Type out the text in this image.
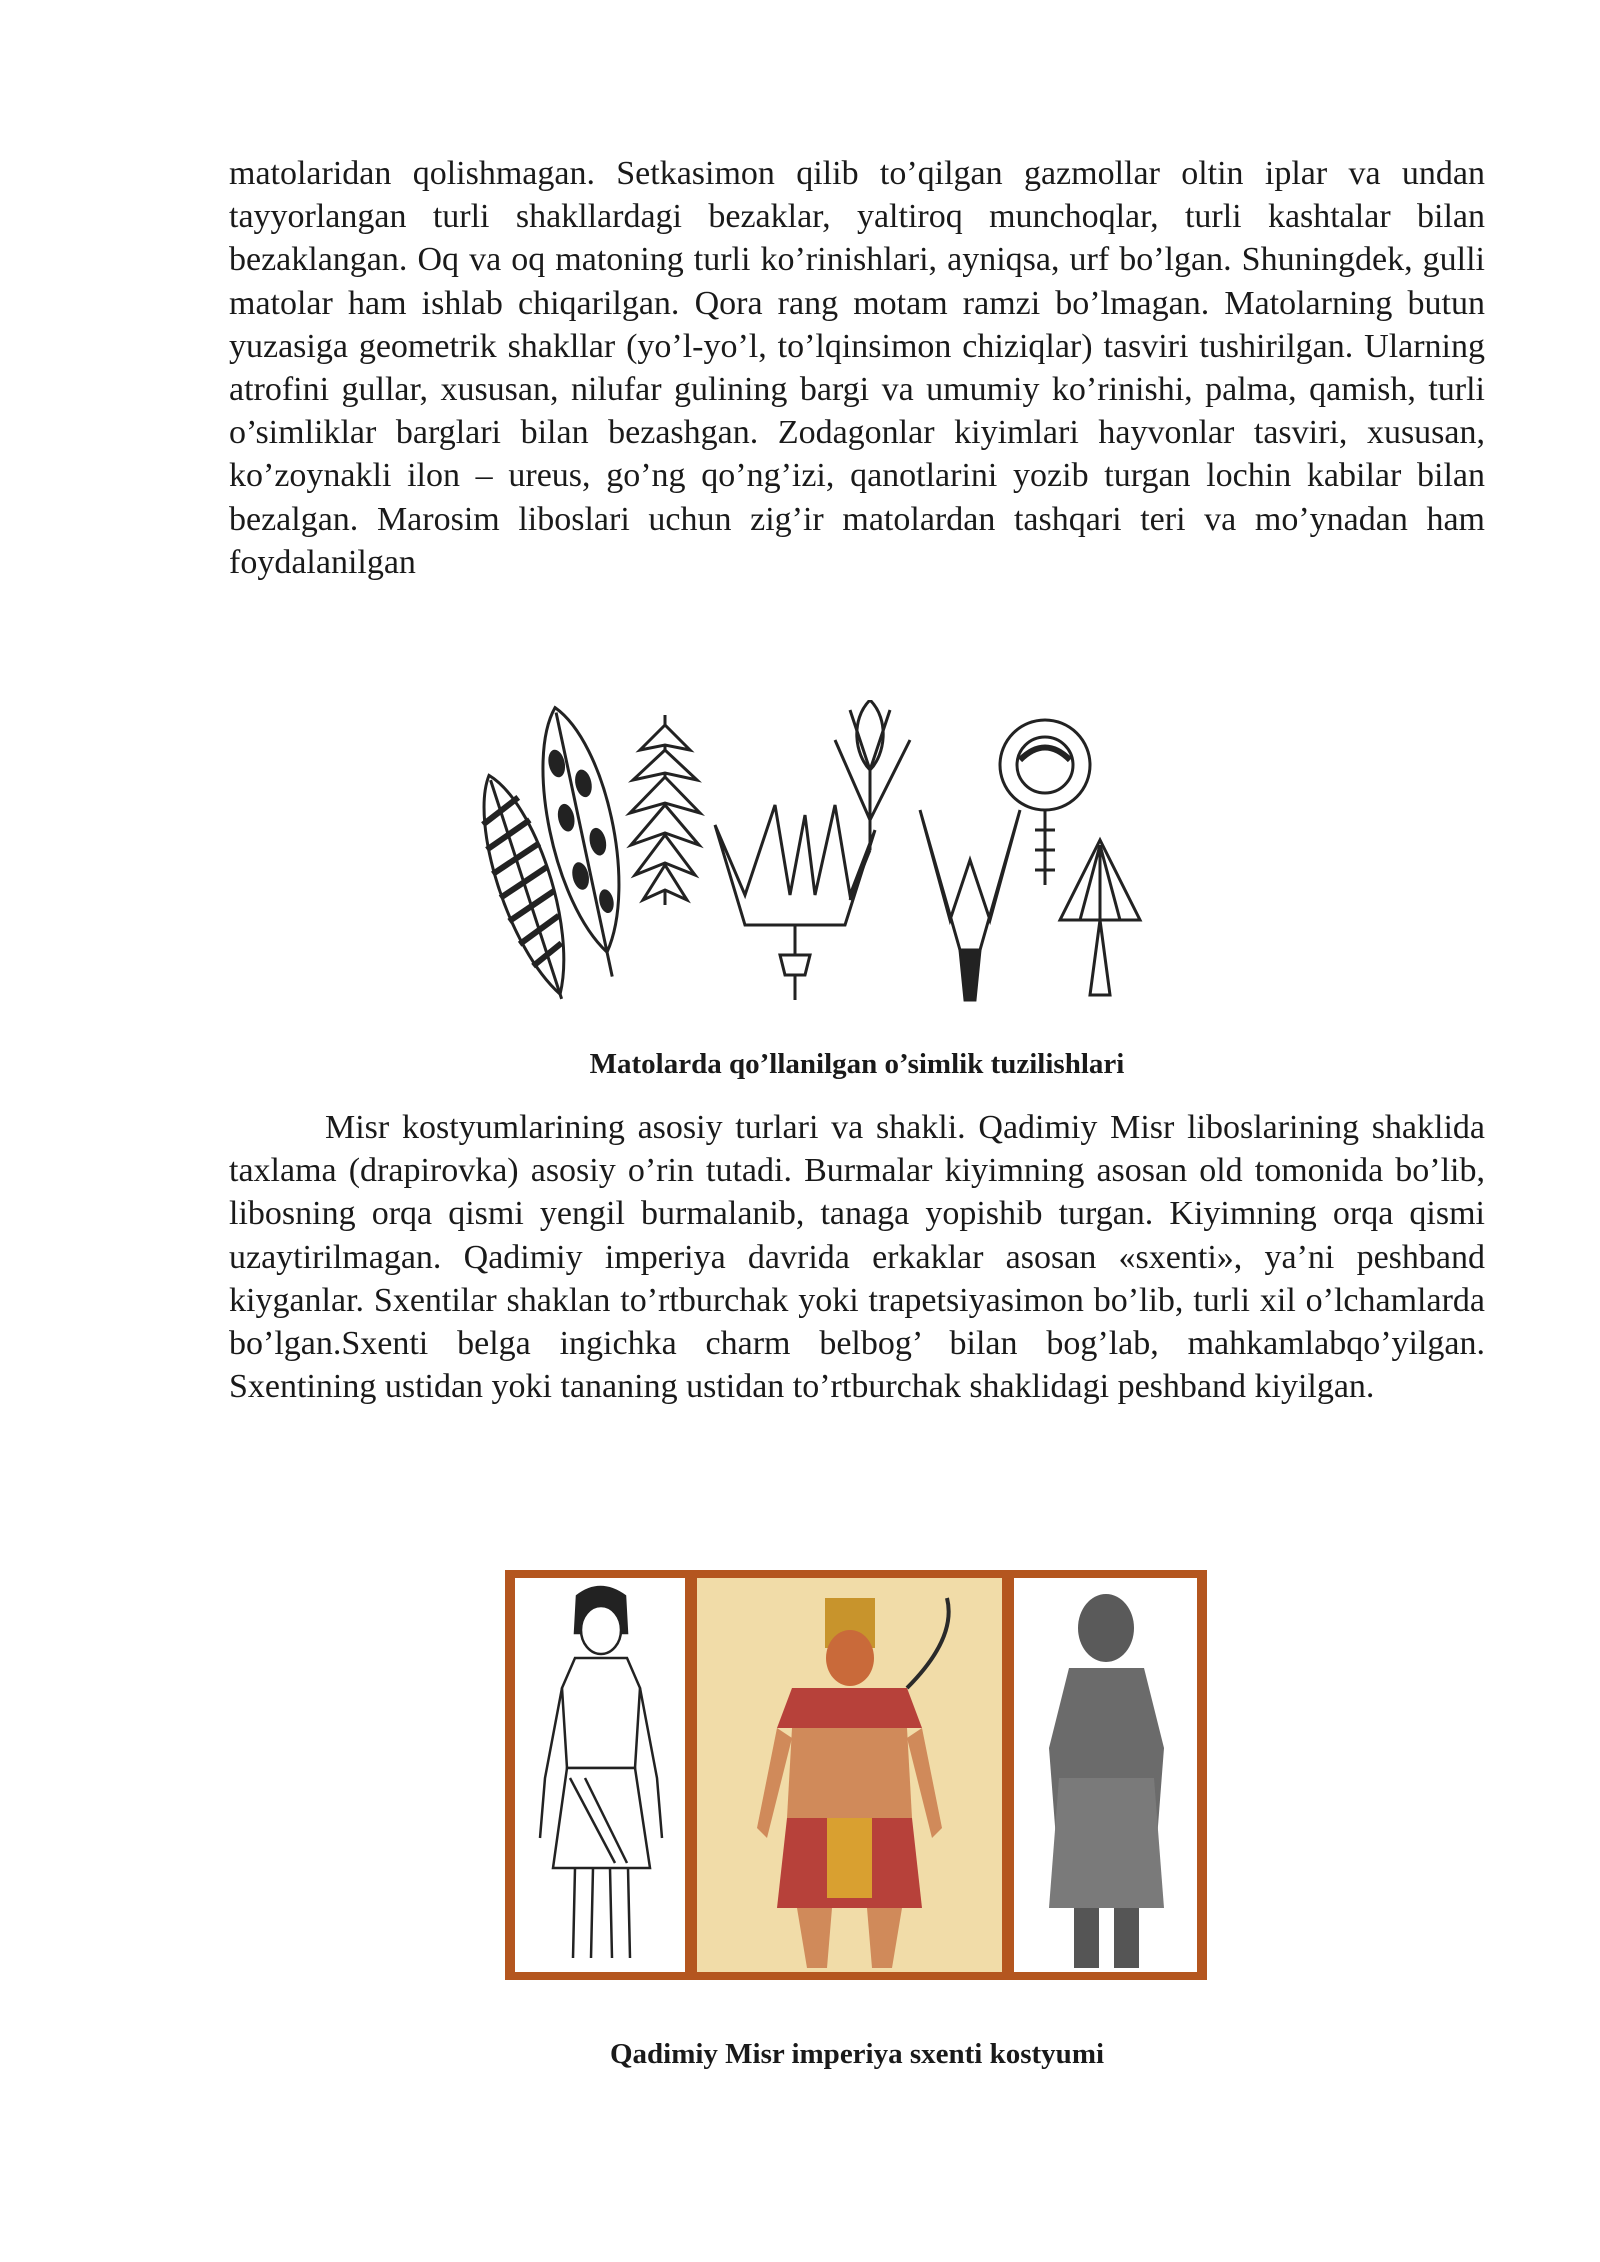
matolaridan qolishmagan. Setkasimon qilib to’qilgan gazmollar oltin iplar va undan tayyorlangan turli shakllardagi bezaklar, yaltiroq munchoqlar, turli kashtalar bilan bezaklangan. Oq va oq matoning turli ko’rinishlari, ayniqsa, urf bo’lgan. Shuningdek, gulli matolar ham ishlab chiqarilgan. Qora rang motam ramzi bo’lmagan. Matolarning butun yuzasiga geometrik shakllar (yo’l-yo’l, to’lqinsimon chiziqlar) tasviri tushirilgan. Ularning atrofini gullar, xususan, nilufar gulining bargi va umumiy ko’rinishi, palma, qamish, turli o’simliklar barglari bilan bezashgan. Zodagonlar kiyimlari hayvonlar tasviri, xususan, ko’zoynakli ilon – ureus, go’ng qo’ng’izi, qanotlarini yozib turgan lochin kabilar bilan bezalgan. Marosim liboslari uchun zig’ir matolardan tashqari teri va mo’ynadan ham foydalanilgan

Matolarda qo’llanilgan o’simlik tuzilishlari

Misr kostyumlarining asosiy turlari va shakli. Qadimiy Misr liboslarining shaklida taxlama (drapirovka) asosiy o’rin tutadi. Burmalar kiyimning asosan old tomonida bo’lib, libosning orqa qismi yengil burmalanib, tanaga yopishib turgan. Kiyimning orqa qismi uzaytirilmagan. Qadimiy imperiya davrida erkaklar asosan «sxenti», ya’ni peshband kiyganlar. Sxentilar shaklan to’rtburchak yoki trapetsiyasimon bo’lib, turli xil o’lchamlarda bo’lgan.Sxenti belga ingichka charm belbog’ bilan bog’lab, mahkamlabqo’yilgan. Sxentining ustidan yoki tananing ustidan to’rtburchak shaklidagi peshband kiyilgan.

Qadimiy Misr imperiya sxenti kostyumi
